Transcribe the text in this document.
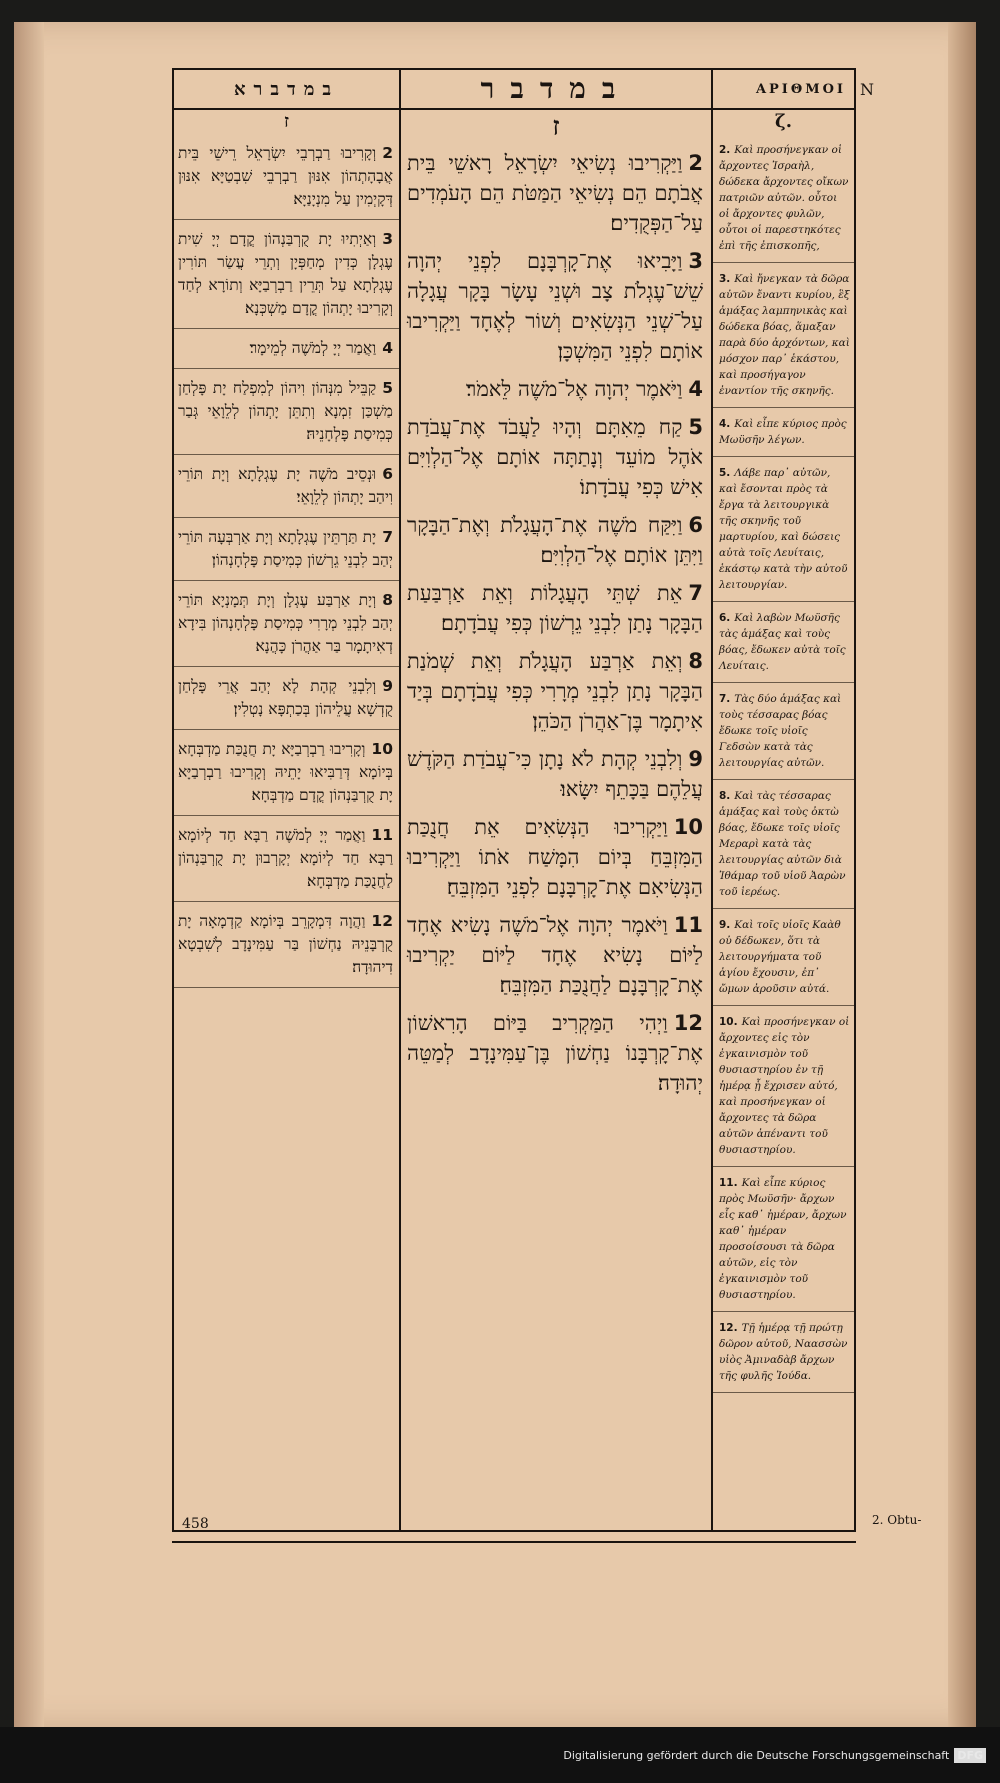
N
במדברא
ז
2וְקָרִיבוּ רַבְרְבֵי יִשְׂרָאֵל רֵישֵׁי בֵּית אֲבָהָתְהוֹן אִנּוּן רַבְרְבֵי שִׁבְטַיָּא אִנּוּן דְּקָיְמִין עַל מִנְיָנַיָּא׃
3וְאַיְתִיוּ יָת קֻרְבַּנְהוֹן קֳדָם יְיָ שִׁית עֶגְלָן כְּדִין מְחַפְּיָן וְתְרֵי עֲשַׂר תּוֹרִין עֶגְלְתָא עַל תְּרֵין רַבְרְבַיָּא וְתוֹרָא לְחַד וְקָרִיבוּ יָתְהוֹן קֳדָם מַשְׁכְּנָא׃
4וַאֲמַר יְיָ לְמֹשֶׁה לְמֵימָר׃
5קַבֵּיל מִנְּהוֹן וִיהוֹן לְמִפְלַח יָת פָּלְחַן מַשְׁכַּן זִמְנָא וְתִתֵּן יָתְהוֹן לְלֵוָאֵי גְּבַר כְּמִיסַת פָּלְחָנֵיהּ׃
6וּנְסֵיב מֹשֶׁה יָת עֶגְלָתָא וְיָת תּוֹרֵי וִיהַב יָתְהוֹן לְלֵוָאֵי׃
7יָת תַּרְתֵּין עֶגְלָתָא וְיָת אַרְבְּעָה תּוֹרֵי יְהַב לִבְנֵי גֵרְשׁוֹן כְּמִיסַת פָּלְחָנְהוֹן׃
8וְיָת אַרְבַּע עֶגְלָן וְיָת תְּמָנְיָא תּוֹרֵי יְהַב לִבְנֵי מְרָרִי כְּמִיסַת פָּלְחָנְהוֹן בִּידָא דְאִיתָמָר בַּר אַהֲרֹן כָּהֲנָא׃
9וְלִבְנֵי קְהָת לָא יְהַב אֲרֵי פָּלְחַן קֻדְשָׁא עֲלֵיהוֹן בְּכַתְפָּא נָטְלִין׃
10וְקָרִיבוּ רַבְרְבַיָּא יָת חֲנֻכַּת מַדְבְּחָא בְּיוֹמָא דְּרַבִּיאוּ יָתֵיהּ וְקָרִיבוּ רַבְרְבַיָּא יָת קֻרְבַּנְהוֹן קֳדָם מַדְבְּחָא׃
11וַאֲמַר יְיָ לְמֹשֶׁה רַבָּא חַד לְיוֹמָא רַבָּא חַד לְיוֹמָא יְקָרְבוּן יָת קֻרְבַּנְהוֹן לַחֲנֻכַּת מַדְבְּחָא׃
12וַהֲוָה דִּמְקָרֵב בְּיוֹמָא קַדְמָאָה יָת קֻרְבָּנֵיהּ נַחְשׁוֹן בַּר עַמִּינָדָב לְשִׁבְטָא דִיהוּדָה׃
במדבר
ז
2וַיַּקְרִיבוּ נְשִׂיאֵי יִשְׂרָאֵל רָאשֵׁי בֵּית אֲבֹתָם הֵם נְשִׂיאֵי הַמַּטֹּת הֵם הָעֹמְדִים עַל־הַפְּקֻדִים׃
3וַיָּבִיאוּ אֶת־קָרְבָּנָם לִפְנֵי יְהוָה שֵׁשׁ־עֶגְלֹת צָב וּשְׁנֵי עָשָׂר בָּקָר עֲגָלָה עַל־שְׁנֵי הַנְּשִׂאִים וְשׁוֹר לְאֶחָד וַיַּקְרִיבוּ אוֹתָם לִפְנֵי הַמִּשְׁכָּן׃
4וַיֹּאמֶר יְהוָה אֶל־מֹשֶׁה לֵּאמֹר׃
5קַח מֵאִתָּם וְהָיוּ לַעֲבֹד אֶת־עֲבֹדַת אֹהֶל מוֹעֵד וְנָתַתָּה אוֹתָם אֶל־הַלְוִיִּם אִישׁ כְּפִי עֲבֹדָתוֹ׃
6וַיִּקַּח מֹשֶׁה אֶת־הָעֲגָלֹת וְאֶת־הַבָּקָר וַיִּתֵּן אוֹתָם אֶל־הַלְוִיִּם׃
7אֵת שְׁתֵּי הָעֲגָלוֹת וְאֵת אַרְבַּעַת הַבָּקָר נָתַן לִבְנֵי גֵרְשׁוֹן כְּפִי עֲבֹדָתָם׃
8וְאֵת אַרְבַּע הָעֲגָלֹת וְאֵת שְׁמֹנַת הַבָּקָר נָתַן לִבְנֵי מְרָרִי כְּפִי עֲבֹדָתָם בְּיַד אִיתָמָר בֶּן־אַהֲרֹן הַכֹּהֵן׃
9וְלִבְנֵי קְהָת לֹא נָתָן כִּי־עֲבֹדַת הַקֹּדֶשׁ עֲלֵהֶם בַּכָּתֵף יִשָּׂאוּ׃
10וַיַּקְרִיבוּ הַנְּשִׂאִים אֵת חֲנֻכַּת הַמִּזְבֵּחַ בְּיוֹם הִמָּשַׁח אֹתוֹ וַיַּקְרִיבוּ הַנְּשִׂיאִם אֶת־קָרְבָּנָם לִפְנֵי הַמִּזְבֵּחַ׃
11וַיֹּאמֶר יְהוָה אֶל־מֹשֶׁה נָשִׂיא אֶחָד לַיּוֹם נָשִׂיא אֶחָד לַיּוֹם יַקְרִיבוּ אֶת־קָרְבָּנָם לַחֲנֻכַּת הַמִּזְבֵּחַ׃
12וַיְהִי הַמַּקְרִיב בַּיּוֹם הָרִאשׁוֹן אֶת־קָרְבָּנוֹ נַחְשׁוֹן בֶּן־עַמִּינָדָב לְמַטֵּה יְהוּדָה׃
ΑΡΙΘΜΟΙ
ζ.
2. Καὶ προσήνεγκαν οἱ ἄρχοντες Ἰσραὴλ, δώδεκα ἄρχοντες οἴκων πατριῶν αὐτῶν. οὗτοι οἱ ἄρχοντες φυλῶν, οὗτοι οἱ παρεστηκότες ἐπὶ τῆς ἐπισκοπῆς,
3. Καὶ ἤνεγκαν τὰ δῶρα αὐτῶν ἔναντι κυρίου, ἓξ ἁμάξας λαμπηνικὰς καὶ δώδεκα βόας, ἅμαξαν παρὰ δύο ἀρχόντων, καὶ μόσχον παρ᾽ ἑκάστου, καὶ προσήγαγον ἐναντίον τῆς σκηνῆς.
4. Καὶ εἶπε κύριος πρὸς Μωϋσῆν λέγων.
5. Λάβε παρ᾽ αὐτῶν, καὶ ἔσονται πρὸς τὰ ἔργα τὰ λειτουργικὰ τῆς σκηνῆς τοῦ μαρτυρίου, καὶ δώσεις αὐτὰ τοῖς Λευίταις, ἑκάστῳ κατὰ τὴν αὐτοῦ λειτουργίαν.
6. Καὶ λαβὼν Μωϋσῆς τὰς ἁμάξας καὶ τοὺς βόας, ἔδωκεν αὐτὰ τοῖς Λευίταις.
7. Τὰς δύο ἁμάξας καὶ τοὺς τέσσαρας βόας ἔδωκε τοῖς υἱοῖς Γεδσὼν κατὰ τὰς λειτουργίας αὐτῶν.
8. Καὶ τὰς τέσσαρας ἁμάξας καὶ τοὺς ὀκτὼ βόας, ἔδωκε τοῖς υἱοῖς Μεραρὶ κατὰ τὰς λειτουργίας αὐτῶν διὰ Ἰθάμαρ τοῦ υἱοῦ Ἀαρὼν τοῦ ἱερέως.
9. Καὶ τοῖς υἱοῖς Καὰθ οὐ δέδωκεν, ὅτι τὰ λειτουργήματα τοῦ ἁγίου ἔχουσιν, ἐπ᾽ ὤμων ἀροῦσιν αὐτά.
10. Καὶ προσήνεγκαν οἱ ἄρχοντες εἰς τὸν ἐγκαινισμὸν τοῦ θυσιαστηρίου ἐν τῇ ἡμέρᾳ ᾗ ἔχρισεν αὐτό, καὶ προσήνεγκαν οἱ ἄρχοντες τὰ δῶρα αὐτῶν ἀπέναντι τοῦ θυσιαστηρίου.
11. Καὶ εἶπε κύριος πρὸς Μωϋσῆν· ἄρχων εἷς καθ᾽ ἡμέραν, ἄρχων καθ᾽ ἡμέραν προσοίσουσι τὰ δῶρα αὐτῶν, εἰς τὸν ἐγκαινισμὸν τοῦ θυσιαστηρίου.
12. Τῇ ἡμέρᾳ τῇ πρώτῃ δῶρον αὐτοῦ, Ναασσὼν υἱὸς Ἀμιναδὰβ ἄρχων τῆς φυλῆς Ἰούδα.
458	2. Obtu-
Digitalisierung gefördert durch die Deutsche Forschungsgemeinschaft DFG
